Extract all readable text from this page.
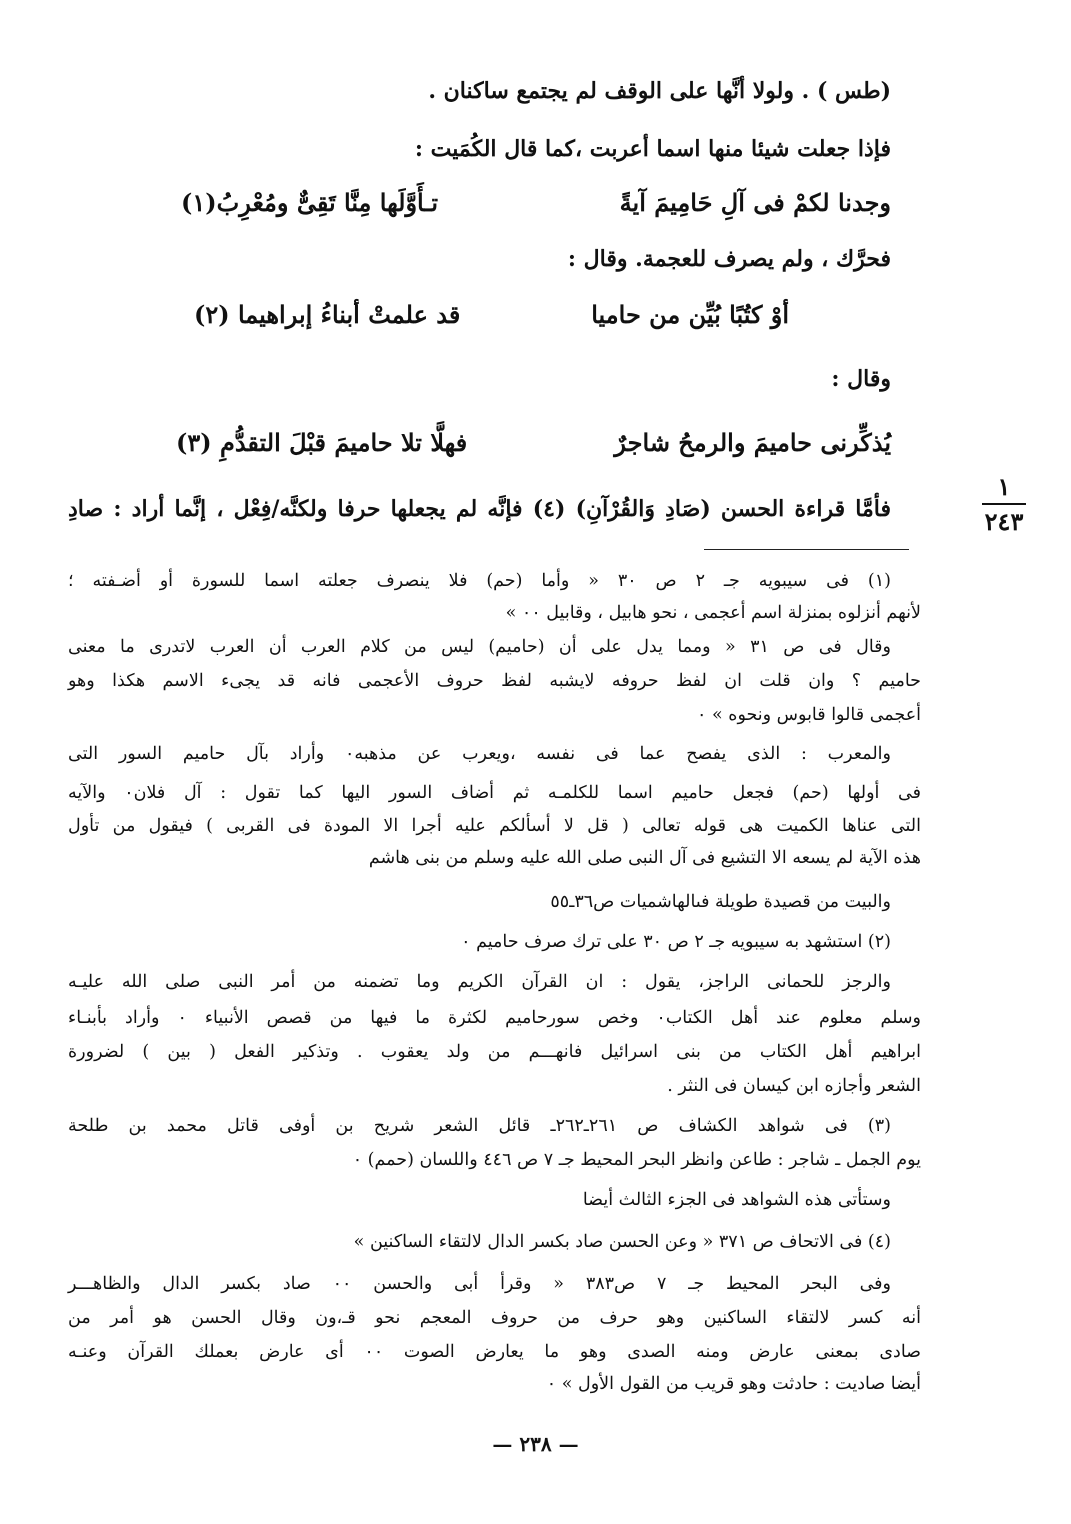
(طس ) . ولولا أنَّها على الوقف لم يجتمع ساكنان .
فإذا جعلت شيئا منها اسما أعربت ،كما قال الكُمَيت :
وجدنا لكمْ فى آلِ حَامِيمَ آيةً
تـأَوَّلَها مِنَّا تَقِىٌّ ومُعْرِبُ(١)
فحرَّك ، ولم يصرف للعجمة. وقال :
أوْ كتُبًا بُيِّن من حاميا
قد علمتْ أبناءُ إبراهيما (٢)
وقال :
يُذكِّرنى حاميمَ والرمحُ شاجرٌ
فهلَّا تلا حاميمَ قبْلَ التقدُّمِ (٣)
فأمَّا قراءة الحسن (صَادِ وَالقُرْآنِ) (٤) فإنَّه لم يجعلها حرفا ولكنَّه/فِعْل ، إنَّما أراد : صادِ
١
٢٤٣
(١) فى سيبويه جـ ٢ ص ٣٠ « وأما (حم) فلا ينصرف جعلته اسما للسورة أو أضـفته ؛
لأنهم أنزلوه بمنزلة اسم أعجمى ، نحو هابيل ، وقابيل ٠٠ »
وقال فى ص ٣١ « ومما يدل على أن (حاميم) ليس من كلام العرب أن العرب لاتدرى ما معنى
حاميم ؟ وان قلت ان لفظ حروفه لايشبه لفظ حروف الأعجمى فانه قد يجىء الاسم هكذا وهو
أعجمى قالوا قابوس ونحوه » ٠
والمعرب : الذى يفصح عما فى نفسه ،ويعرب عن مذهبه٠ وأراد بآل حاميم السور التى
فى أولها (حم) فجعل حاميم اسما للكلمـه ثم أضاف السور اليها كما تقول : آل فلان٠ والآيه
التى عناها الكميت هى قوله تعالى ( قل لا أسألكم عليه أجرا الا المودة فى القربى ) فيقول من تأول
هذه الآية لم يسعه الا التشيع فى آل النبى صلى الله عليه وسلم من بنى هاشم
والبيت من قصيدة طويلة فىالهاشميات ص٣٦ـ٥٥
(٢) استشهد به سيبويه جـ ٢ ص ٣٠ على ترك صرف حاميم ٠
والرجز للحمانى الراجز، يقول : ان القرآن الكريم وما تضمنه من أمر النبى صلى الله عليـه
وسلم معلوم عند أهل الكتاب٠ وخص سورحاميم لكثرة ما فيها من قصص الأنبياء ٠ وأراد بأبنـاء
ابراهيم أهل الكتاب من بنى اسرائيل فانهـــم من ولد يعقوب . وتذكير الفعل ( بين ) لضرورة
الشعر وأجازه ابن كيسان فى النثر .
(٣) فى شواهد الكشاف ص ٢٦١ـ٢٦٢ـ قائل الشعر شريح بن أوفى قاتل محمد بن طلحة
يوم الجمل ـ شاجر : طاعن وانظر البحر المحيط جـ ٧ ص ٤٤٦ واللسان (حمم) ٠
وستأتى هذه الشواهد فى الجزء الثالث أيضا
(٤) فى الاتحاف ص ٣٧١ « وعن الحسن صاد بكسر الدال لالتقاء الساكنين »
وفى البحر المحيط جـ ٧ ص٣٨٣ « وقرأ أبى والحسن ٠٠ صاد بكسر الدال والظاهـــر
أنه كسر لالتقاء الساكنين وهو حرف من حروف المعجم نحو قـ،ون وقال الحسن هو أمر من
صادى بمعنى عارض ومنه الصدى وهو ما يعارض الصوت ٠٠ أى عارض بعملك القرآن وعنـه
أيضا صاديت : حادثت وهو قريب من القول الأول » ٠
— ٢٣٨ —
